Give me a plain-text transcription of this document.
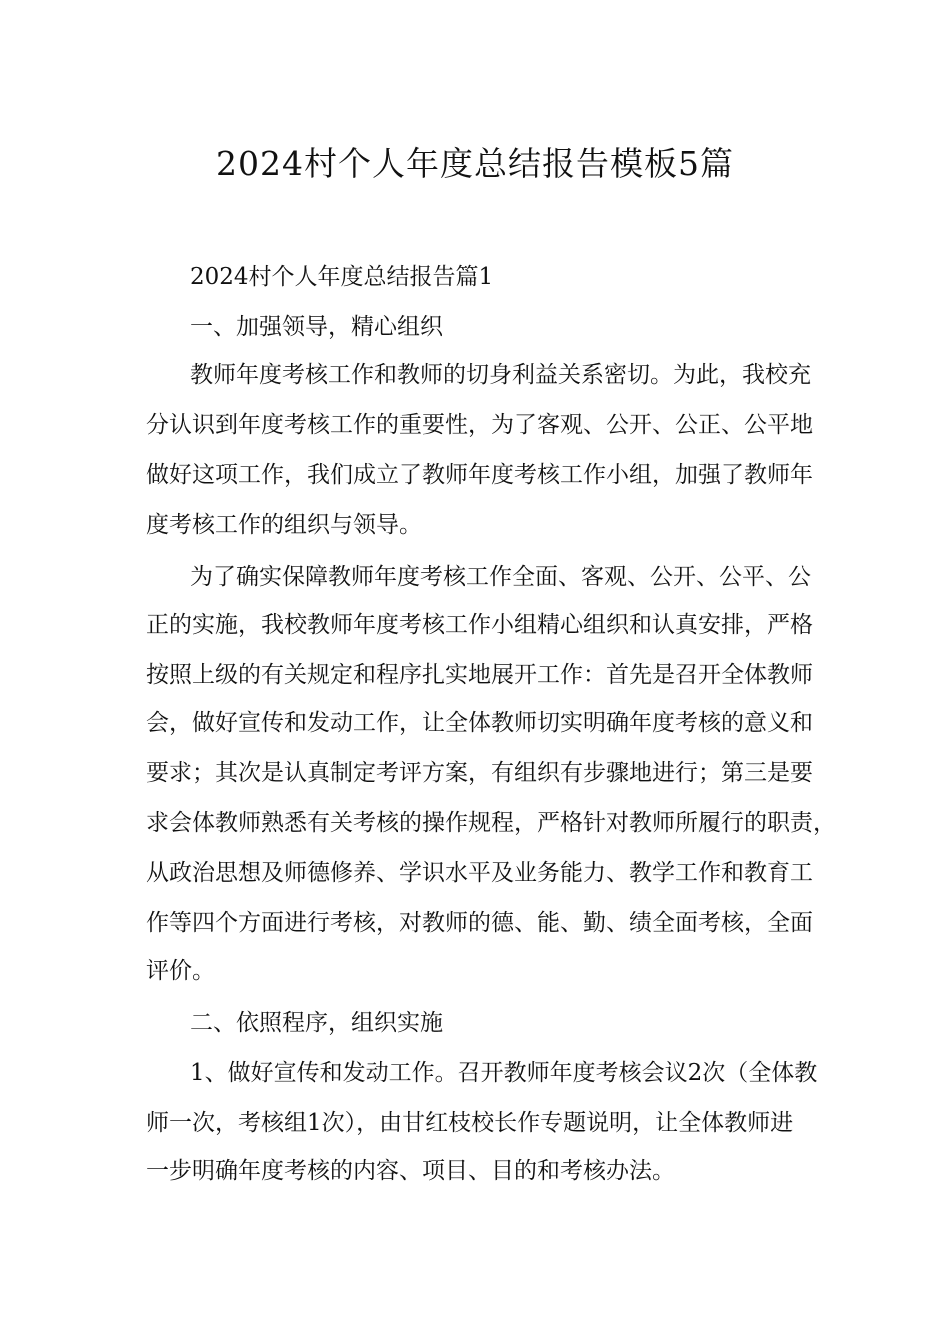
2024村个人年度总结报告模板5篇
2024村个人年度总结报告篇1
一、加强领导，精心组织
教师年度考核工作和教师的切身利益关系密切。为此，我校充
分认识到年度考核工作的重要性，为了客观、公开、公正、公平地
做好这项工作，我们成立了教师年度考核工作小组，加强了教师年
度考核工作的组织与领导。
为了确实保障教师年度考核工作全面、客观、公开、公平、公
正的实施，我校教师年度考核工作小组精心组织和认真安排，严格
按照上级的有关规定和程序扎实地展开工作：首先是召开全体教师
会，做好宣传和发动工作，让全体教师切实明确年度考核的意义和
要求；其次是认真制定考评方案，有组织有步骤地进行；第三是要
求会体教师熟悉有关考核的操作规程，严格针对教师所履行的职责，
从政治思想及师德修养、学识水平及业务能力、教学工作和教育工
作等四个方面进行考核，对教师的德、能、勤、绩全面考核，全面
评价。
二、依照程序，组织实施
1、做好宣传和发动工作。召开教师年度考核会议2次（全体教
师一次，考核组1次），由甘红枝校长作专题说明，让全体教师进
一步明确年度考核的内容、项目、目的和考核办法。
